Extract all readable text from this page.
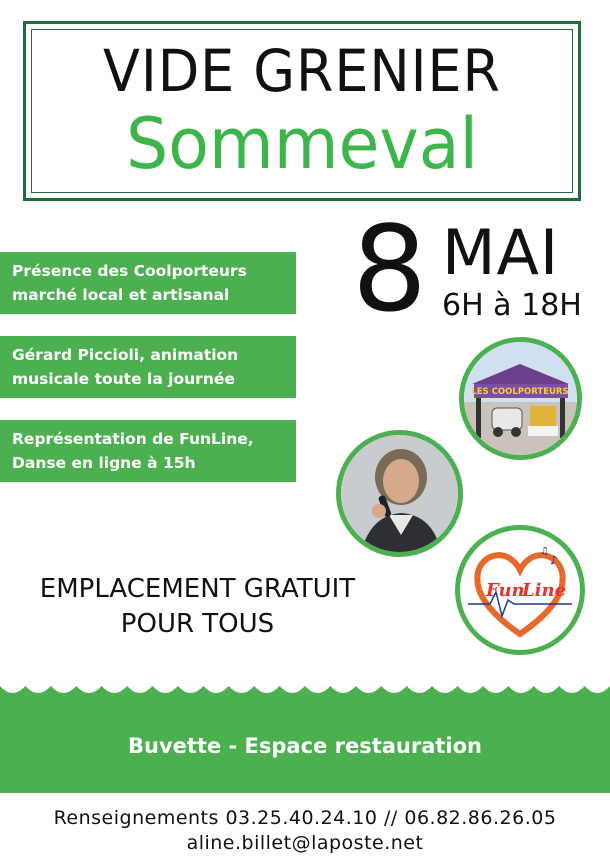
VIDE GRENIER
Sommeval
8 MAI
6H à 18H
Présence des Coolporteurs
marché local et artisanal
Gérard Piccioli, animation
musicale toute la journée
Représentation de FunLine,
Danse en ligne à 15h
LES COOLPORTEURS
Fun
Line
♪
♫
EMPLACEMENT GRATUIT
POUR TOUS
Buvette - Espace restauration
Renseignements 03.25.40.24.10 // 06.82.86.26.05
aline.billet@laposte.net
